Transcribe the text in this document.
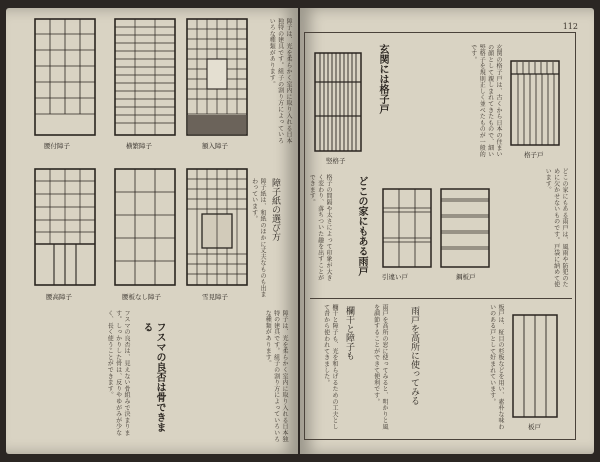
腰付障子	横繁障子	額入障子
腰高障子	腰板なし障子	雪見障子
障子は、光を柔らかく室内に取り入れる日本独特の建具です。組子の割り方によっていろいろな種類があります。
障子紙の選び方
障子紙は、和紙のほかに丈夫なものも出まわっています。
フスマの良否は骨できまる
フスマの良否は、見えない骨組みで決まります。しっかりした骨は、反りやゆがみが少なく、長く使うことができます。	障子は、光を柔らかく室内に取り入れる日本独特の建具です。組子の割り方によっていろいろな種類があります。
112
竪格子
玄関には格子戸	玄関の格子戸は、古くから日本の住まいの顔として親しまれてきたもので、細い竪格子を規則正しく並べたものが一般的です。
格子戸
格子の間隔や太さによって印象が大きく変わり、落ちついた趣を出すことができます。	どこの家にもある雨戸
引違い戸	鋼板戸	どこの家にもある雨戸は、風雨や防犯のために欠かせないものです。戸袋に納めて使います。
欄干と障子も、光を和らげるための工夫として昔から使われてきました。	欄干と障子も	雨戸を高所の窓に使ってみると、明かりと風を調節することができて便利です。	雨戸を高所に使ってみる	板戸は、柾目の杉板などを用い、素朴な味わいのある戸として好まれています。
板戸
